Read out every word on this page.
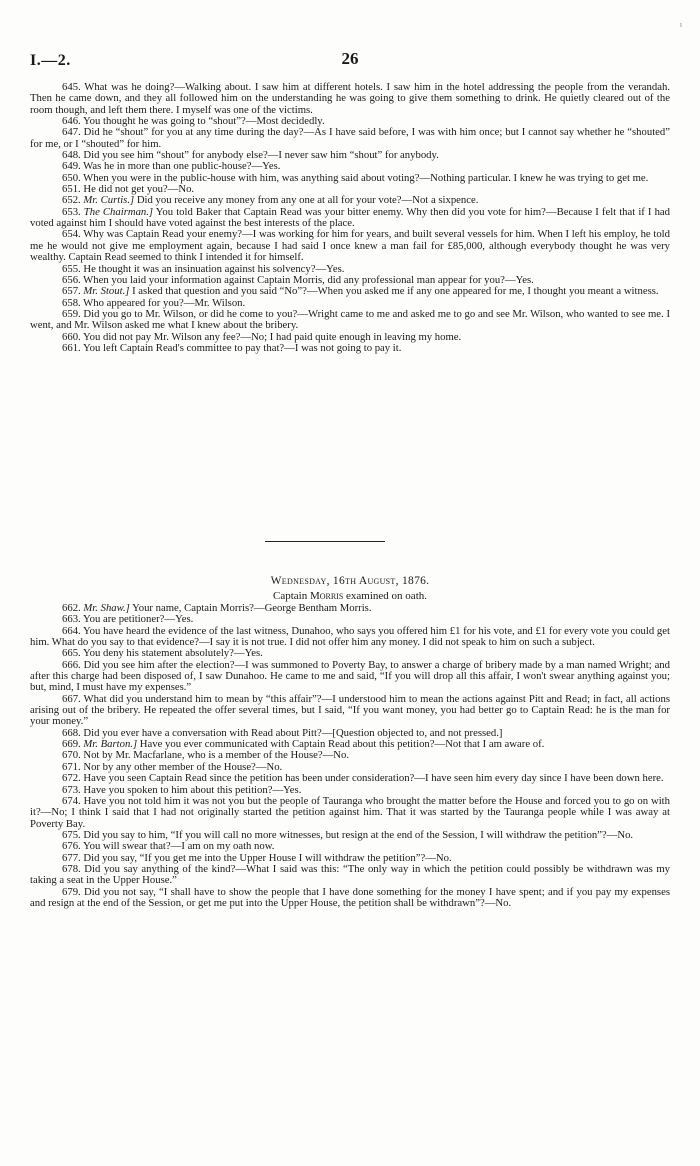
ι
I.—2.	26

645. What was he doing?—Walking about. I saw him at different hotels. I saw him in the hotel addressing the people from the verandah. Then he came down, and they all followed him on the understanding he was going to give them something to drink. He quietly cleared out of the room though, and left them there. I myself was one of the victims.

646. You thought he was going to “shout”?—Most decidedly.

647. Did he “shout” for you at any time during the day?—As I have said before, I was with him once; but I cannot say whether he “shouted” for me, or I “shouted” for him.

648. Did you see him “shout” for anybody else?—I never saw him “shout” for anybody.

649. Was he in more than one public-house?—Yes.

650. When you were in the public-house with him, was anything said about voting?—Nothing particular. I knew he was trying to get me.

651. He did not get you?—No.

652. Mr. Curtis.] Did you receive any money from any one at all for your vote?—Not a sixpence.

653. The Chairman.] You told Baker that Captain Read was your bitter enemy. Why then did you vote for him?—Because I felt that if I had voted against him I should have voted against the best interests of the place.

654. Why was Captain Read your enemy?—I was working for him for years, and built several vessels for him. When I left his employ, he told me he would not give me employment again, because I had said I once knew a man fail for £85,000, although everybody thought he was very wealthy. Captain Read seemed to think I intended it for himself.

655. He thought it was an insinuation against his solvency?—Yes.

656. When you laid your information against Captain Morris, did any professional man appear for you?—Yes.

657. Mr. Stout.] I asked that question and you said “No”?—When you asked me if any one appeared for me, I thought you meant a witness.

658. Who appeared for you?—Mr. Wilson.

659. Did you go to Mr. Wilson, or did he come to you?—Wright came to me and asked me to go and see Mr. Wilson, who wanted to see me. I went, and Mr. Wilson asked me what I knew about the bribery.

660. You did not pay Mr. Wilson any fee?—No; I had paid quite enough in leaving my home.

661. You left Captain Read's committee to pay that?—I was not going to pay it.

Wednesday, 16th August, 1876.
Captain Morris examined on oath.

662. Mr. Shaw.] Your name, Captain Morris?—George Bentham Morris.

663. You are petitioner?—Yes.

664. You have heard the evidence of the last witness, Dunahoo, who says you offered him £1 for his vote, and £1 for every vote you could get him. What do you say to that evidence?—I say it is not true. I did not offer him any money. I did not speak to him on such a subject.

665. You deny his statement absolutely?—Yes.

666. Did you see him after the election?—I was summoned to Poverty Bay, to answer a charge of bribery made by a man named Wright; and after this charge had been disposed of, I saw Dunahoo. He came to me and said, “If you will drop all this affair, I won't swear anything against you; but, mind, I must have my expenses.”

667. What did you understand him to mean by “this affair”?—I understood him to mean the actions against Pitt and Read; in fact, all actions arising out of the bribery. He repeated the offer several times, but I said, “If you want money, you had better go to Captain Read: he is the man for your money.”

668. Did you ever have a conversation with Read about Pitt?—[Question objected to, and not pressed.]

669. Mr. Barton.] Have you ever communicated with Captain Read about this petition?—Not that I am aware of.

670. Not by Mr. Macfarlane, who is a member of the House?—No.

671. Nor by any other member of the House?—No.

672. Have you seen Captain Read since the petition has been under consideration?—I have seen him every day since I have been down here.

673. Have you spoken to him about this petition?—Yes.

674. Have you not told him it was not you but the people of Tauranga who brought the matter before the House and forced you to go on with it?—No; I think I said that I had not originally started the petition against him. That it was started by the Tauranga people while I was away at Poverty Bay.

675. Did you say to him, “If you will call no more witnesses, but resign at the end of the Session, I will withdraw the petition”?—No.

676. You will swear that?—I am on my oath now.

677. Did you say, “If you get me into the Upper House I will withdraw the petition”?—No.

678. Did you say anything of the kind?—What I said was this: “The only way in which the petition could possibly be withdrawn was my taking a seat in the Upper House.”

679. Did you not say, “I shall have to show the people that I have done something for the money I have spent; and if you pay my expenses and resign at the end of the Session, or get me put into the Upper House, the petition shall be withdrawn”?—No.
